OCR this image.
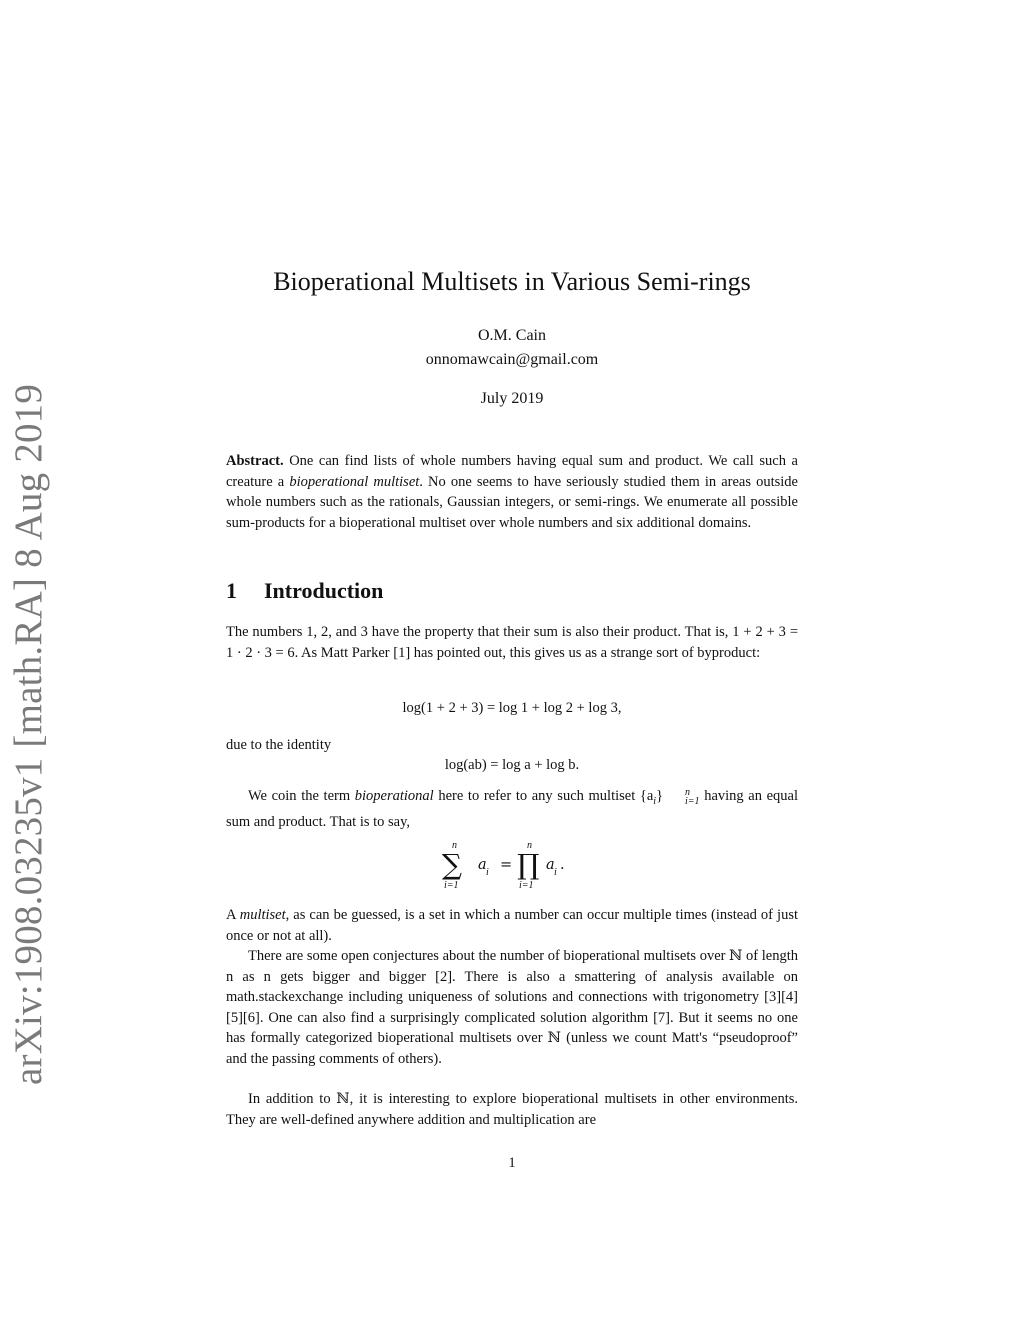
arXiv:1908.03235v1 [math.RA] 8 Aug 2019
Bioperational Multisets in Various Semi-rings
O.M. Cain
onnomawcain@gmail.com
July 2019
Abstract. One can find lists of whole numbers having equal sum and product. We call such a creature a bioperational multiset. No one seems to have seriously studied them in areas outside whole numbers such as the rationals, Gaussian integers, or semi-rings. We enumerate all possible sum-products for a bioperational multiset over whole numbers and six additional domains.
1 Introduction
The numbers 1, 2, and 3 have the property that their sum is also their product. That is, 1 + 2 + 3 = 1 · 2 · 3 = 6. As Matt Parker [1] has pointed out, this gives us as a strange sort of byproduct:
log(1 + 2 + 3) = log 1 + log 2 + log 3,
due to the identity
log(ab) = log a + log b.
We coin the term bioperational here to refer to any such multiset $\{a_i\}$	n
i=1 having an equal sum and product. That is to say,
n
∑
i=1
a i =
n
∏
i=1
a i .
A multiset, as can be guessed, is a set in which a number can occur multiple times (instead of just once or not at all).
There are some open conjectures about the number of bioperational multisets over ℕ of length n as n gets bigger and bigger [2]. There is also a smattering of analysis available on math.stackexchange including uniqueness of solutions and connections with trigonometry [3][4][5][6]. One can also find a surprisingly complicated solution algorithm [7]. But it seems no one has formally categorized bioperational multisets over ℕ (unless we count Matt's “pseudoproof” and the passing comments of others).
In addition to ℕ, it is interesting to explore bioperational multisets in other environments. They are well-defined anywhere addition and multiplication are
1
